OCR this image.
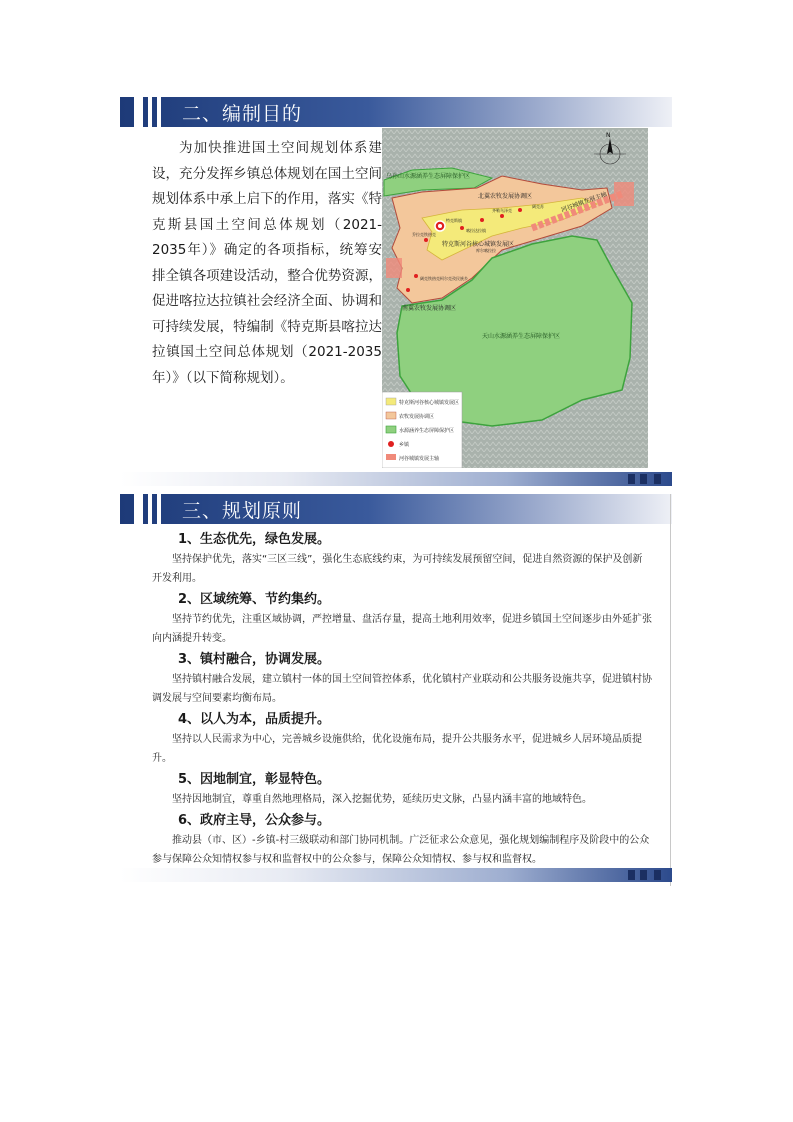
二、编制目的
为加快推进国土空间规划体系建设，充分发挥乡镇总体规划在国土空间规划体系中承上启下的作用，落实《特克斯县国土空间总体规划（2021-2035年）》确定的各项指标，统筹安排全镇各项建设活动，整合优势资源，促进喀拉达拉镇社会经济全面、协调和可持续发展，特编制《特克斯县喀拉达拉镇国土空间总体规划（2021-2035年）》（以下简称规划）。
N
乌孙山水源涵养生态屏障保护区
北翼农牧发展协调区
特克斯河谷核心城镇发展区
南翼农牧发展协调区
天山水源涵养生态屏障保护区
河谷城镇发展主轴
特克斯镇
乔拉克铁热克
喀拉达拉镇
齐勒乌泽克
阔克苏
阔克铁热克柯尔克孜民族乡
库尔喀拉拉
特克斯河谷核心城镇发展区
农牧发展协调区
水源涵养生态屏障保护区
乡镇
河谷城镇发展主轴
三、规划原则
1、生态优先，绿色发展。

坚持保护优先，落实“三区三线”，强化生态底线约束，为可持续发展预留空间，促进自然资源的保护及创新开发利用。

2、区域统筹、节约集约。

坚持节约优先，注重区域协调，严控增量、盘活存量，提高土地利用效率，促进乡镇国土空间逐步由外延扩张向内涵提升转变。

3、镇村融合，协调发展。

坚持镇村融合发展，建立镇村一体的国土空间管控体系，优化镇村产业联动和公共服务设施共享，促进镇村协调发展与空间要素均衡布局。

4、以人为本，品质提升。

坚持以人民需求为中心，完善城乡设施供给，优化设施布局，提升公共服务水平，促进城乡人居环境品质提升。

5、因地制宜，彰显特色。

坚持因地制宜，尊重自然地理格局，深入挖掘优势，延续历史文脉，凸显内涵丰富的地域特色。

6、政府主导，公众参与。

推动县（市、区）-乡镇-村三级联动和部门协同机制。广泛征求公众意见，强化规划编制程序及阶段中的公众参与保障公众知情权参与权和监督权中的公众参与，保障公众知情权、参与权和监督权。
